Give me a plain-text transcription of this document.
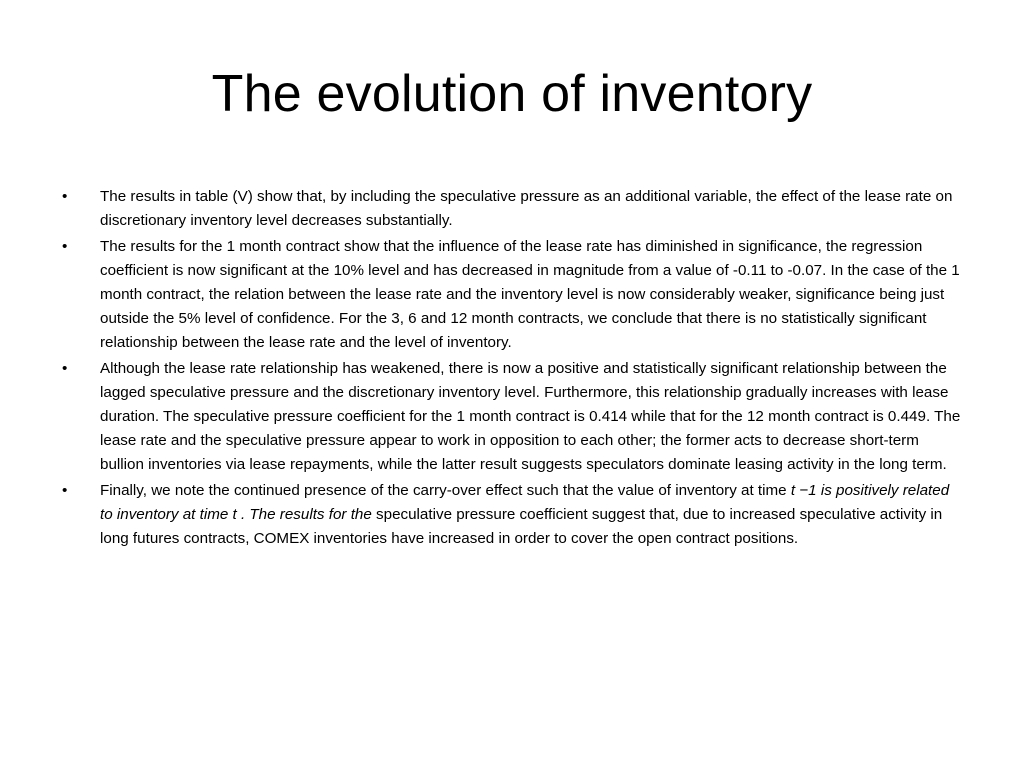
The evolution of inventory
•	The results in table (V) show that, by including the speculative pressure as an additional variable, the effect of the lease rate on discretionary inventory level decreases substantially.
•	The results for the 1 month contract show that the influence of the lease rate has diminished in significance, the regression coefficient is now significant at the 10% level and has decreased in magnitude from a value of -0.11 to -0.07. In the case of the 1 month contract, the relation between the lease rate and the inventory level is now considerably weaker, significance being just outside the 5% level of confidence. For the 3, 6 and 12 month contracts, we conclude that there is no statistically significant relationship between the lease rate and the level of inventory.
•	Although the lease rate relationship has weakened, there is now a positive and statistically significant relationship between the lagged speculative pressure and the discretionary inventory level. Furthermore, this relationship gradually increases with lease duration. The speculative pressure coefficient for the 1 month contract is 0.414 while that for the 12 month contract is 0.449. The lease rate and the speculative pressure appear to work in opposition to each other; the former acts to decrease short-term bullion inventories via lease repayments, while the latter result suggests speculators dominate leasing activity in the long term.
•	Finally, we note the continued presence of the carry-over effect such that the value of inventory at time t −1 is positively related to inventory at time t . The results for the speculative pressure coefficient suggest that, due to increased speculative activity in long futures contracts, COMEX inventories have increased in order to cover the open contract positions.
